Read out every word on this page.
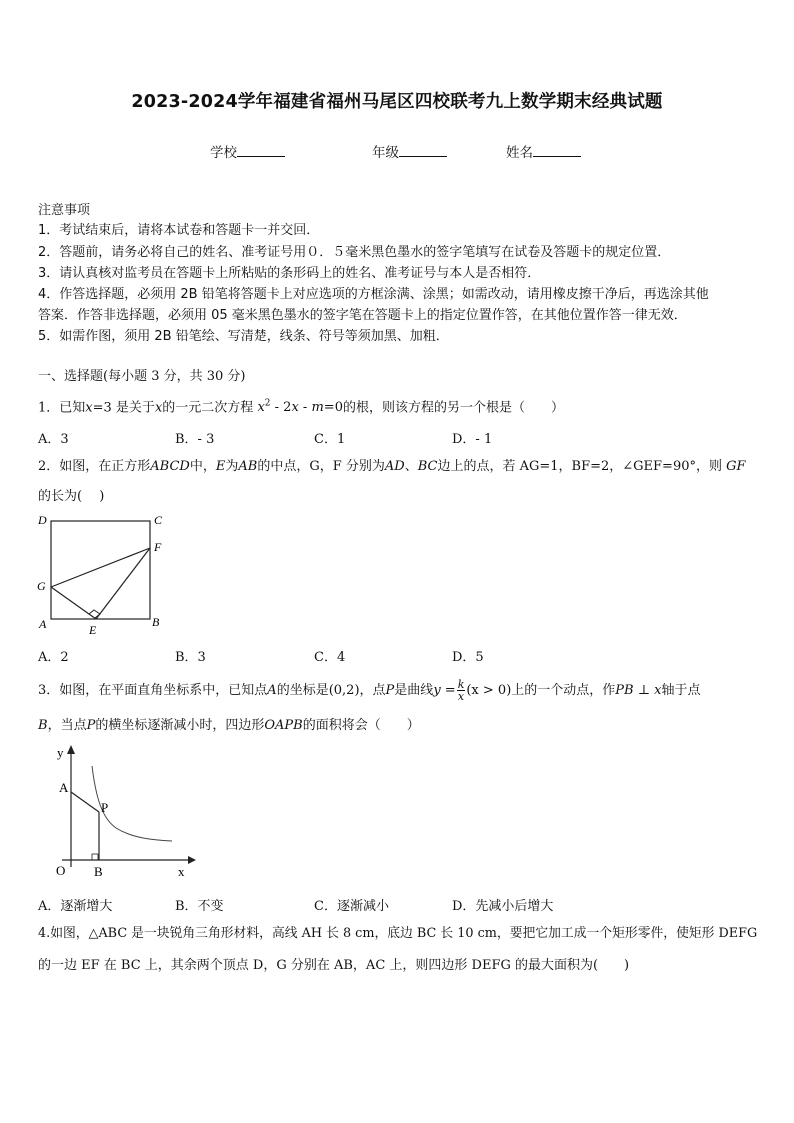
2023-2024学年福建省福州马尾区四校联考九上数学期末经典试题
学校	年级	姓名
注意事项
1．考试结束后，请将本试卷和答题卡一并交回．
2．答题前，请务必将自己的姓名、准考证号用０．５毫米黑色墨水的签字笔填写在试卷及答题卡的规定位置．
3．请认真核对监考员在答题卡上所粘贴的条形码上的姓名、准考证号与本人是否相符．
4．作答选择题，必须用 2B 铅笔将答题卡上对应选项的方框涂满、涂黑；如需改动，请用橡皮擦干净后，再选涂其他
答案．作答非选择题，必须用 05 毫米黑色墨水的签字笔在答题卡上的指定位置作答，在其他位置作答一律无效．
5．如需作图，须用 2B 铅笔绘、写清楚，线条、符号等须加黑、加粗．
一、选择题(每小题 3 分，共 30 分)
1．已知x=3 是关于x的一元二次方程 $x^2 - 2x - m=0$的根，则该方程的另一个根是（　　）
A．3	B．- 3	C．1	D．- 1
2．如图，在正方形ABCD中，E为AB的中点，G，F 分别为AD、BC边上的点，若 AG=1，BF=2，∠GEF=90°，则 GF
的长为(　 )
D	C
F
G
A	E
B
A．2	B．3	C．4	D．5
3．如图，在平面直角坐标系中，已知点A的坐标是(0,2)，点P是曲线$y = \frac{k}{x} (x > 0)$上的一个动点，作PB ⊥ x轴于点
B，当点P的横坐标逐渐减小时，四边形OAPB的面积将会（　　）
y
A
P
O B	x
A．逐渐增大	B．不变	C．逐渐减小	D．先减小后增大
4.如图，△ABC 是一块锐角三角形材料，高线 AH 长 8 cm，底边 BC 长 10 cm，要把它加工成一个矩形零件，使矩形 DEFG
的一边 EF 在 BC 上，其余两个顶点 D，G 分别在 AB，AC 上，则四边形 DEFG 的最大面积为(　　)
